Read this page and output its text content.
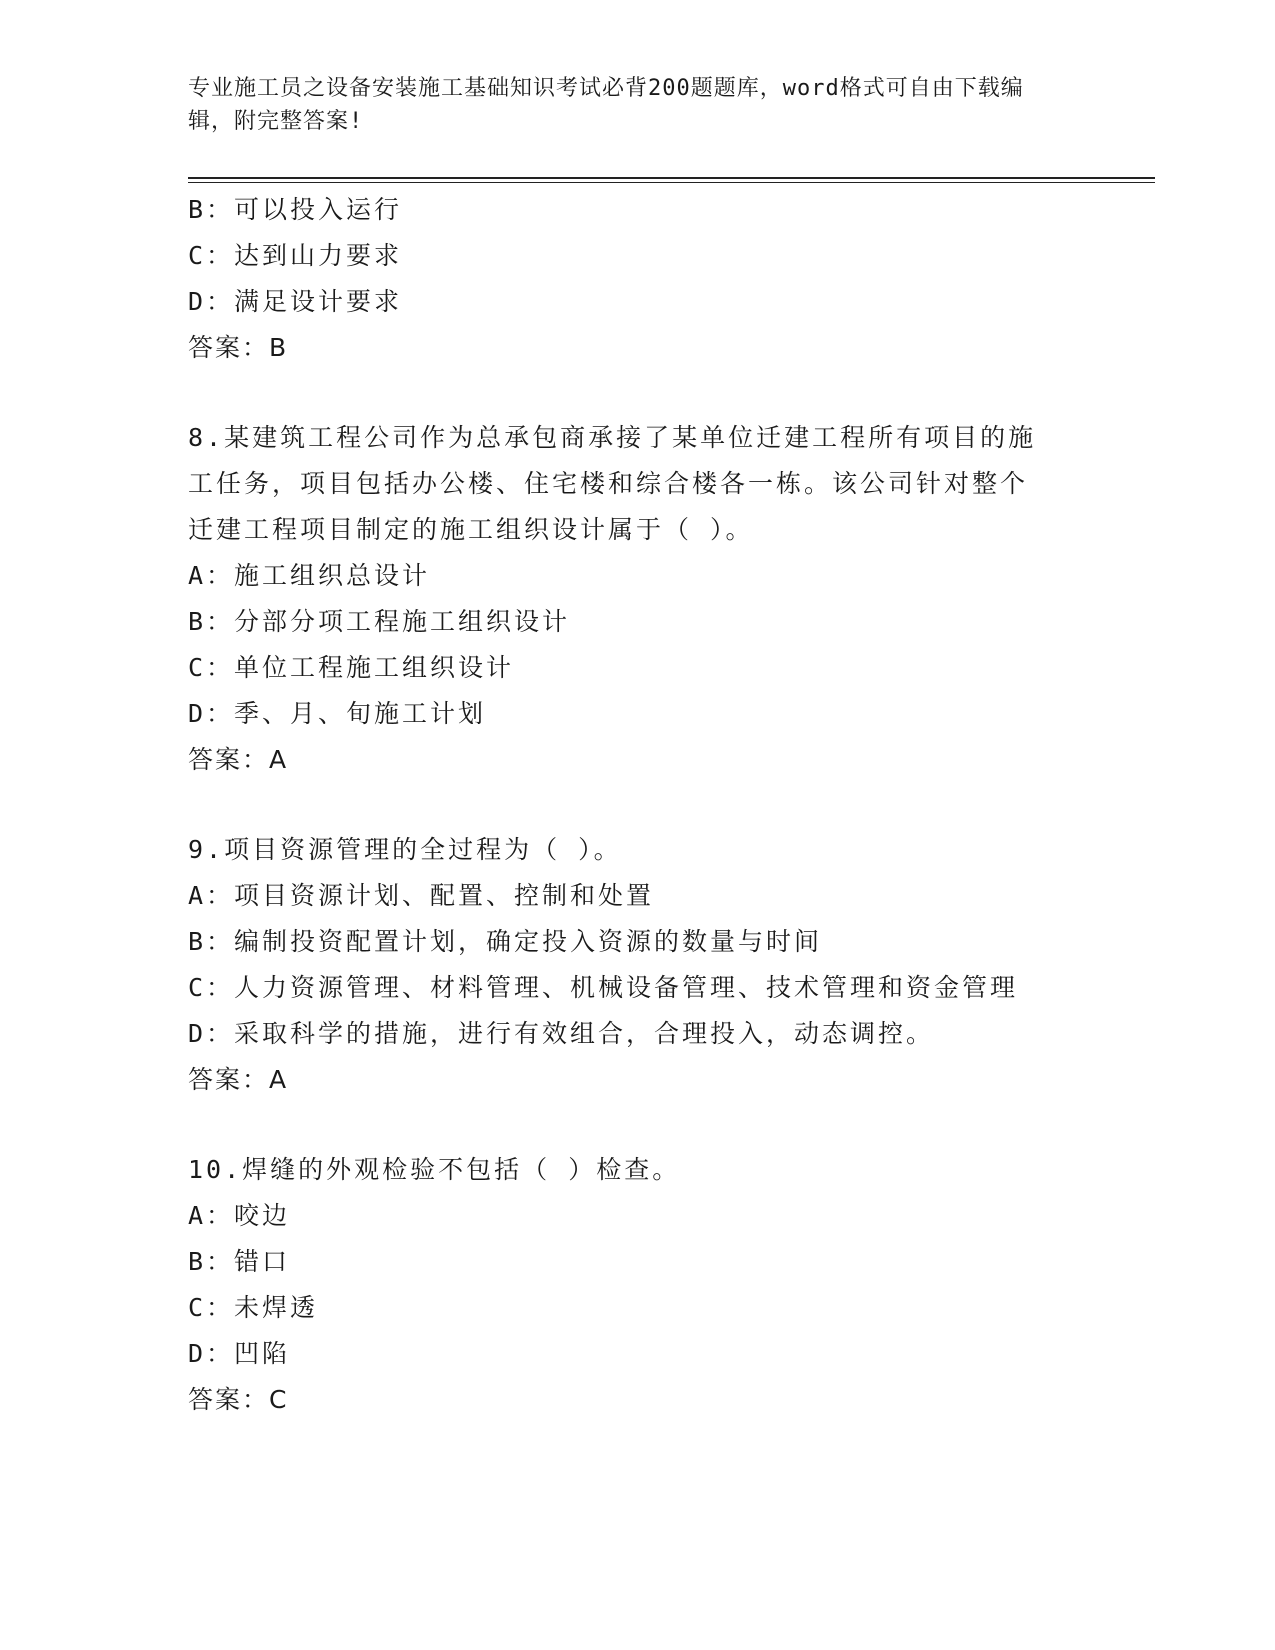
专业施工员之设备安装施工基础知识考试必背200题题库，word格式可自由下载编辑，附完整答案!
B：可以投入运行
C：达到山力要求
D：满足设计要求
答案：B
8.某建筑工程公司作为总承包商承接了某单位迁建工程所有项目的施
工任务，项目包括办公楼、住宅楼和综合楼各一栋。该公司针对整个
迁建工程项目制定的施工组织设计属于（ ）。
A：施工组织总设计
B：分部分项工程施工组织设计
C：单位工程施工组织设计
D：季、月、旬施工计划
答案：A
9.项目资源管理的全过程为（ ）。
A：项目资源计划、配置、控制和处置
B：编制投资配置计划，确定投入资源的数量与时间
C：人力资源管理、材料管理、机械设备管理、技术管理和资金管理
D：采取科学的措施，进行有效组合，合理投入，动态调控。
答案：A
10.焊缝的外观检验不包括（ ）检查。
A：咬边
B：错口
C：未焊透
D：凹陷
答案：C
